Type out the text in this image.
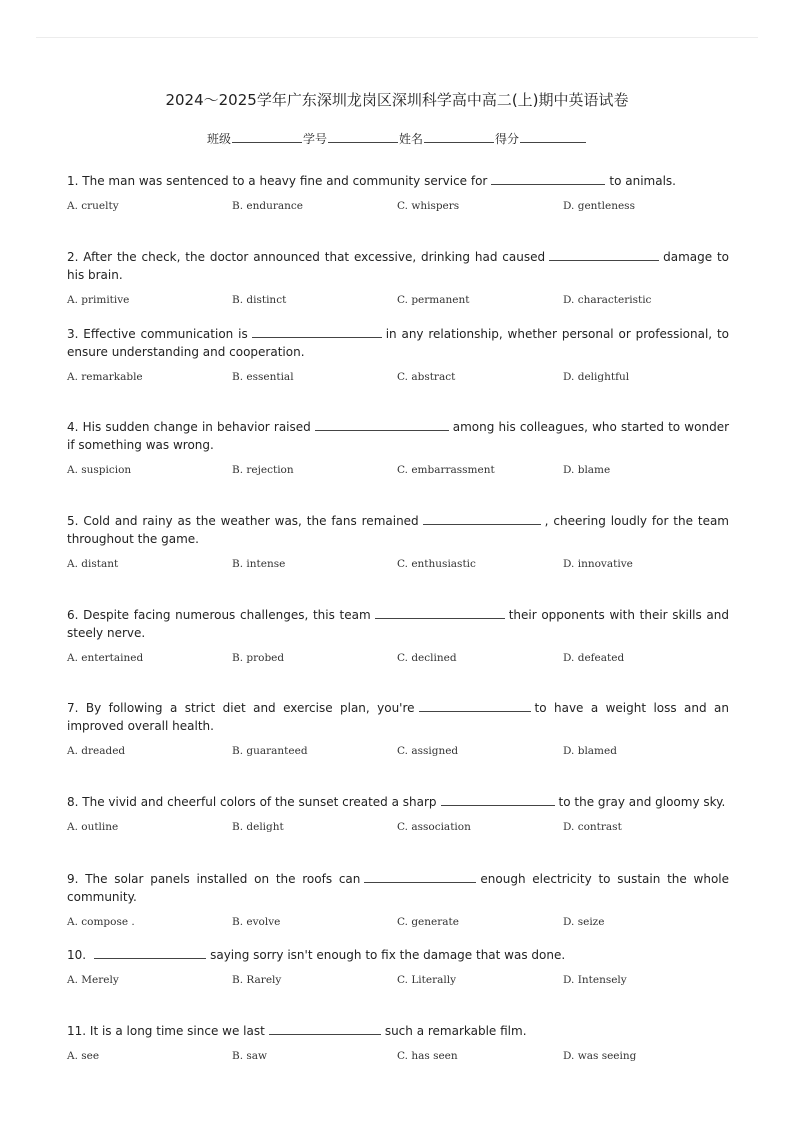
2024～2025学年广东深圳龙岗区深圳科学高中高二(上)期中英语试卷
班级	学号	姓名	得分

1. The man was sentenced to a heavy fine and community service for	to animals.

A. cruelty	B. endurance	C. whispers	D. gentleness

2. After the check, the doctor announced that excessive, drinking had caused	damage to his brain.

A. primitive	B. distinct	C. permanent	D. characteristic

3. Effective communication is	in any relationship, whether personal or professional, to ensure understanding and cooperation.

A. remarkable	B. essential	C. abstract	D. delightful

4. His sudden change in behavior raised	among his colleagues, who started to wonder if something was wrong.

A. suspicion	B. rejection	C. embarrassment	D. blame

5. Cold and rainy as the weather was, the fans remained	, cheering loudly for the team throughout the game.

A. distant	B. intense	C. enthusiastic	D. innovative

6. Despite facing numerous challenges, this team	their opponents with their skills and steely nerve.

A. entertained	B. probed	C. declined	D. defeated

7. By following a strict diet and exercise plan, you're	to have a weight loss and an improved overall health.

A. dreaded	B. guaranteed	C. assigned	D. blamed

8. The vivid and cheerful colors of the sunset created a sharp	to the gray and gloomy sky.

A. outline	B. delight	C. association	D. contrast

9. The solar panels installed on the roofs can	enough electricity to sustain the whole community.

A. compose .	B. evolve	C. generate	D. seize

10.	saying sorry isn't enough to fix the damage that was done.

A. Merely	B. Rarely	C. Literally	D. Intensely

11. It is a long time since we last	such a remarkable film.

A. see	B. saw	C. has seen	D. was seeing
